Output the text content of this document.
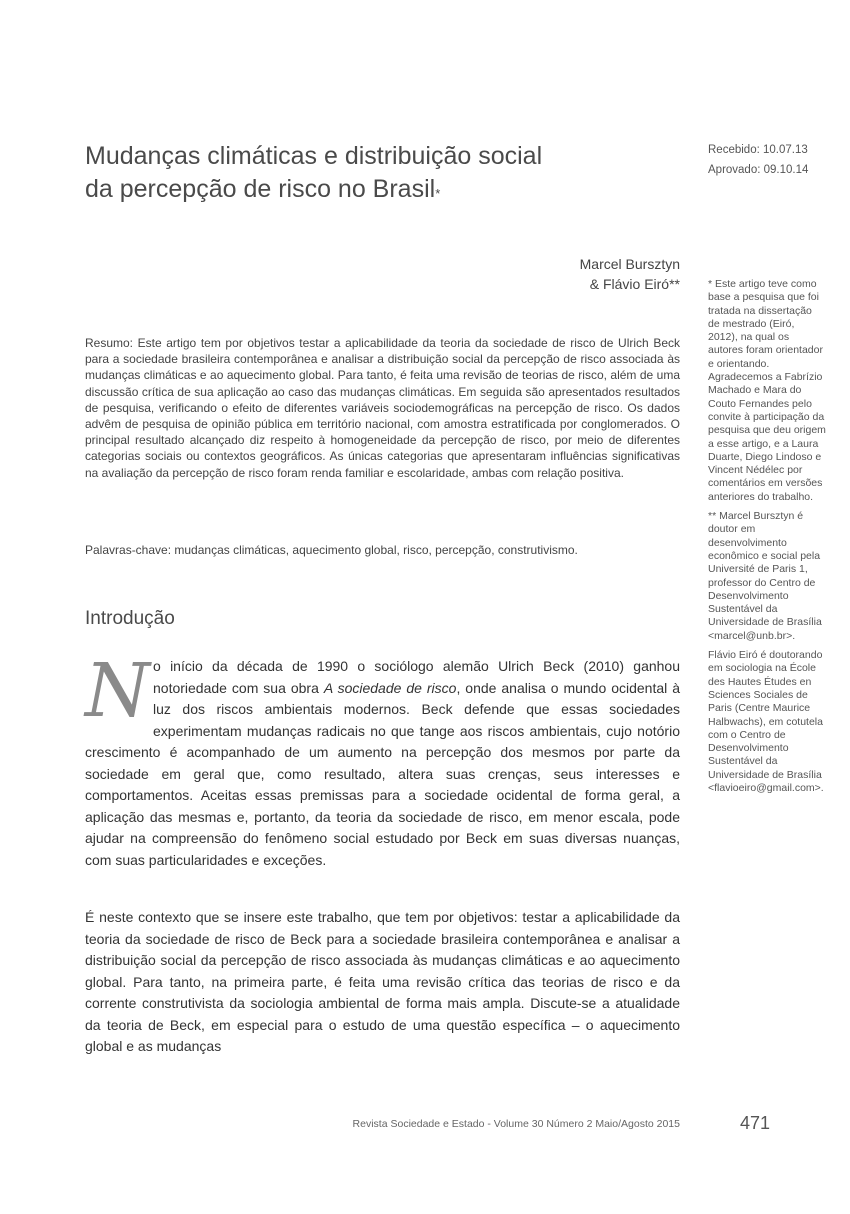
Mudanças climáticas e distribuição social
da percepção de risco no Brasil*
Recebido: 10.07.13
Aprovado: 09.10.14
Marcel Bursztyn
& Flávio Eiró**
Resumo: Este artigo tem por objetivos testar a aplicabilidade da teoria da sociedade de risco de Ulrich Beck para a sociedade brasileira contemporânea e analisar a distribuição social da percepção de risco associada às mudanças climáticas e ao aquecimento global. Para tanto, é feita uma revisão de teorias de risco, além de uma discussão crítica de sua aplicação ao caso das mudanças climáticas. Em seguida são apresentados resultados de pesquisa, verificando o efeito de diferentes variáveis sociodemográficas na percepção de risco. Os dados advêm de pesquisa de opinião pública em território nacional, com amostra estratificada por conglomerados. O principal resultado alcançado diz respeito à homogeneidade da percepção de risco, por meio de diferentes categorias sociais ou contextos geográficos. As únicas categorias que apresentaram influências significativas na avaliação da percepção de risco foram renda familiar e escolaridade, ambas com relação positiva.
Palavras-chave: mudanças climáticas, aquecimento global, risco, percepção, construtivismo.
Introdução
No início da década de 1990 o sociólogo alemão Ulrich Beck (2010) ganhou notoriedade com sua obra A sociedade de risco, onde analisa o mundo ocidental à luz dos riscos ambientais modernos. Beck defende que essas sociedades experimentam mudanças radicais no que tange aos riscos ambientais, cujo notório crescimento é acompanhado de um aumento na percepção dos mesmos por parte da sociedade em geral que, como resultado, altera suas crenças, seus interesses e comportamentos. Aceitas essas premissas para a sociedade ocidental de forma geral, a aplicação das mesmas e, portanto, da teoria da sociedade de risco, em menor escala, pode ajudar na compreensão do fenômeno social estudado por Beck em suas diversas nuanças, com suas particularidades e exceções.
É neste contexto que se insere este trabalho, que tem por objetivos: testar a aplicabilidade da teoria da sociedade de risco de Beck para a sociedade brasileira contemporânea e analisar a distribuição social da percepção de risco associada às mudanças climáticas e ao aquecimento global. Para tanto, na primeira parte, é feita uma revisão crítica das teorias de risco e da corrente construtivista da sociologia ambiental de forma mais ampla. Discute-se a atualidade da teoria de Beck, em especial para o estudo de uma questão específica – o aquecimento global e as mudanças

* Este artigo teve como base a pesquisa que foi tratada na dissertação de mestrado (Eiró, 2012), na qual os autores foram orientador e orientando. Agradecemos a Fabrízio Machado e Mara do Couto Fernandes pelo convite à participação da pesquisa que deu origem a esse artigo, e a Laura Duarte, Diego Lindoso e Vincent Nédélec por comentários em versões anteriores do trabalho.

** Marcel Bursztyn é doutor em desenvolvimento econômico e social pela Université de Paris 1, professor do Centro de Desenvolvimento Sustentável da Universidade de Brasília <marcel@unb.br>.

Flávio Eiró é doutorando em sociologia na École des Hautes Études en Sciences Sociales de Paris (Centre Maurice Halbwachs), em cotutela com o Centro de Desenvolvimento Sustentável da Universidade de Brasília <flavioeiro@gmail.com>.

Revista Sociedade e Estado - Volume 30 Número 2 Maio/Agosto 2015	471
